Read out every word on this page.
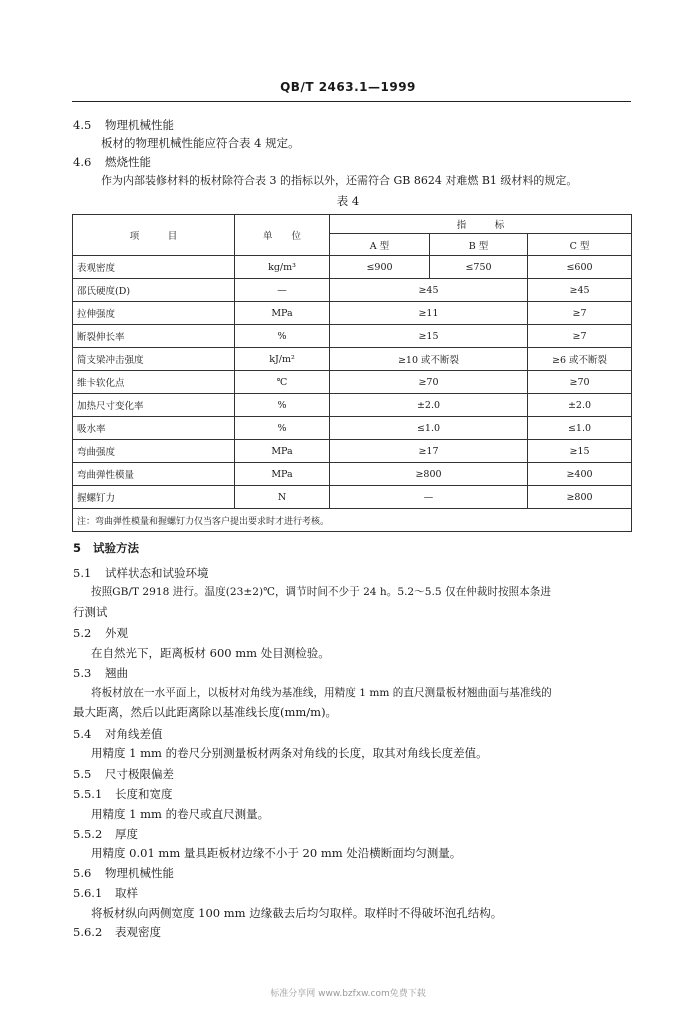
QB/T 2463.1—1999
4.5 物理机械性能
板材的物理机械性能应符合表 4 规定。
4.6 燃烧性能
作为内部装修材料的板材除符合表 3 的指标以外，还需符合 GB 8624 对难燃 B1 级材料的规定。
表 4
项　　　目	单　　位	指　　　标		
		A 型	B 型	C 型
表观密度	kg/m³	≤900	≤750	≤600
邵氏硬度(D)	—	≥45		≥45
拉伸强度	MPa	≥11		≥7
断裂伸长率	%	≥15		≥7
简支梁冲击强度	kJ/m²	≥10 或不断裂		≥6 或不断裂
维卡软化点	℃	≥70		≥70
加热尺寸变化率	%	±2.0		±2.0
吸水率	%	≤1.0		≤1.0
弯曲强度	MPa	≥17		≥15
弯曲弹性模量	MPa	≥800		≥400
握螺钉力	N	—		≥800
注：弯曲弹性模量和握螺钉力仅当客户提出要求时才进行考核。				
5 试验方法
5.1 试样状态和试验环境
按照GB/T 2918 进行。温度(23±2)℃，调节时间不少于 24 h。5.2～5.5 仅在仲裁时按照本条进
行测试
5.2 外观
在自然光下，距离板材 600 mm 处目测检验。
5.3 翘曲
将板材放在一水平面上，以板材对角线为基准线，用精度 1 mm 的直尺测量板材翘曲面与基准线的
最大距离，然后以此距离除以基准线长度(mm/m)。
5.4 对角线差值
用精度 1 mm 的卷尺分别测量板材两条对角线的长度，取其对角线长度差值。
5.5 尺寸极限偏差
5.5.1 长度和宽度
用精度 1 mm 的卷尺或直尺测量。
5.5.2 厚度
用精度 0.01 mm 量具距板材边缘不小于 20 mm 处沿横断面均匀测量。
5.6 物理机械性能
5.6.1 取样
将板材纵向两侧宽度 100 mm 边缘截去后均匀取样。取样时不得破坏泡孔结构。
5.6.2 表观密度
标准分享网 www.bzfxw.com免费下载
